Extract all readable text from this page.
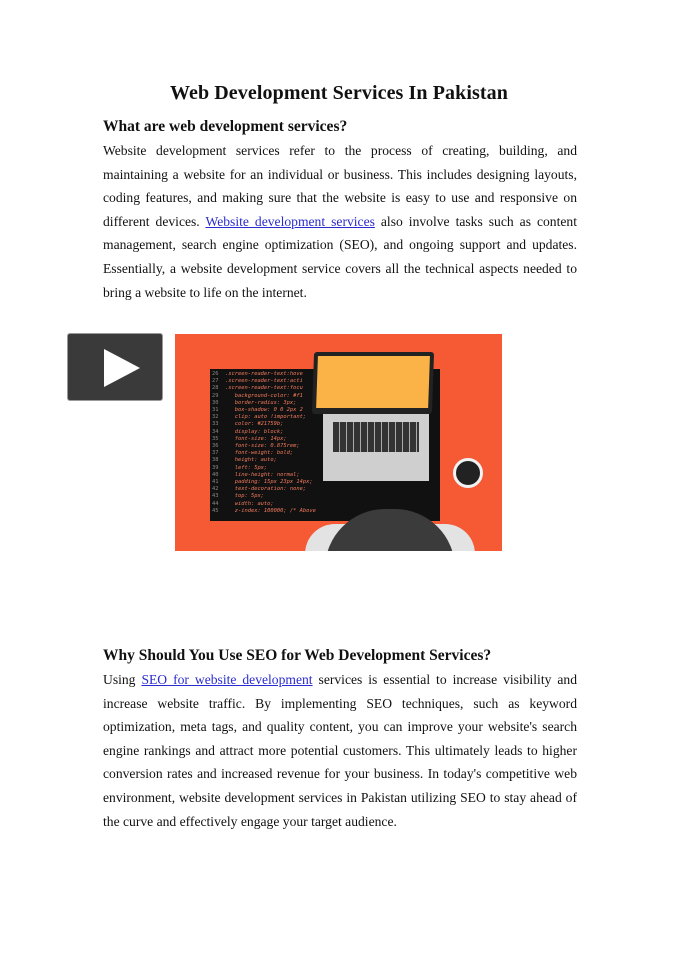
Web Development Services In Pakistan
What are web development services?
Website development services refer to the process of creating, building, and maintaining a website for an individual or business. This includes designing layouts, coding features, and making sure that the website is easy to use and responsive on different devices. Website development services also involve tasks such as content management, search engine optimization (SEO), and ongoing support and updates. Essentially, a website development service covers all the technical aspects needed to bring a website to life on the internet.
26  .screen-reader-text:hove
27  .screen-reader-text:acti
28  .screen-reader-text:focu
29     background-color: #f1
30     border-radius: 3px;
31     box-shadow: 0 0 2px 2
32     clip: auto !important;
33     color: #21759b;
34     display: block;
35     font-size: 14px;
36     font-size: 0.875rem;
37     font-weight: bold;
38     height: auto;
39     left: 5px;
40     line-height: normal;
41     padding: 15px 23px 14px;
42     text-decoration: none;
43     top: 5px;
44     width: auto;
45     z-index: 100000; /* Above
Why Should You Use SEO for Web Development Services?
Using SEO for website development services is essential to increase visibility and increase website traffic. By implementing SEO techniques, such as keyword optimization, meta tags, and quality content, you can improve your website's search engine rankings and attract more potential customers. This ultimately leads to higher conversion rates and increased revenue for your business. In today's competitive web environment, website development services in Pakistan utilizing SEO to stay ahead of the curve and effectively engage your target audience.
